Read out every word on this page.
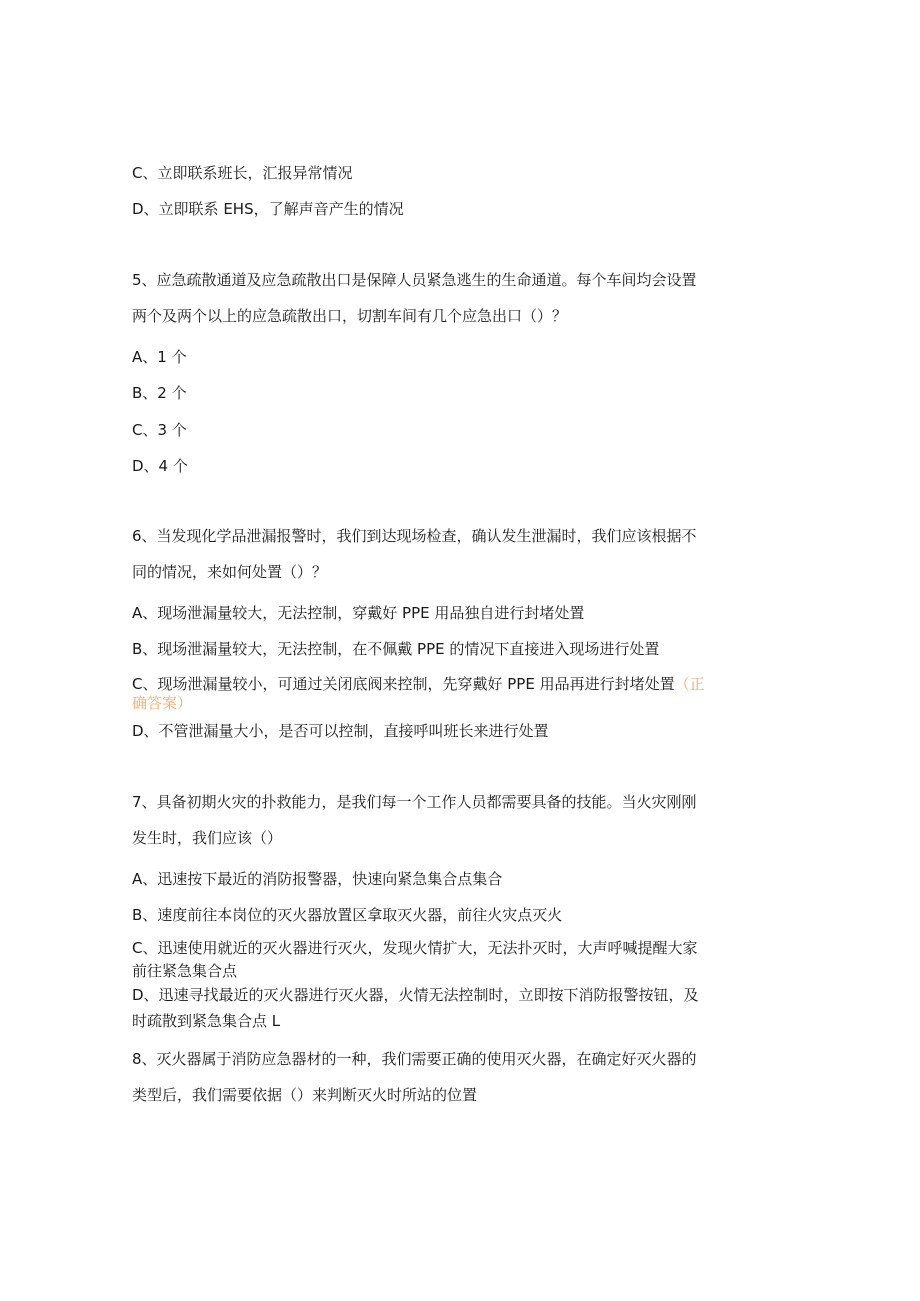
C、立即联系班长，汇报异常情况

D、立即联系 EHS，了解声音产生的情况

5、应急疏散通道及应急疏散出口是保障人员紧急逃生的生命通道。每个车间均会设置

两个及两个以上的应急疏散出口，切割车间有几个应急出口（）？

A、1 个

B、2 个

C、3 个

D、4 个

6、当发现化学品泄漏报警时，我们到达现场检查，确认发生泄漏时，我们应该根据不

同的情况，来如何处置（）？

A、现场泄漏量较大，无法控制，穿戴好 PPE 用品独自进行封堵处置

B、现场泄漏量较大，无法控制，在不佩戴 PPE 的情况下直接进入现场进行处置

C、现场泄漏量较小，可通过关闭底阀来控制，先穿戴好 PPE 用品再进行封堵处置（正

确答案）

D、不管泄漏量大小，是否可以控制，直接呼叫班长来进行处置

7、具备初期火灾的扑救能力，是我们每一个工作人员都需要具备的技能。当火灾刚刚

发生时，我们应该（）

A、迅速按下最近的消防报警器，快速向紧急集合点集合

B、速度前往本岗位的灭火器放置区拿取灭火器，前往火灾点灭火

C、迅速使用就近的灭火器进行灭火，发现火情扩大，无法扑灭时，大声呼喊提醒大家

前往紧急集合点

D、迅速寻找最近的灭火器进行灭火器，火情无法控制时，立即按下消防报警按钮，及

时疏散到紧急集合点 L

8、灭火器属于消防应急器材的一种，我们需要正确的使用灭火器，在确定好灭火器的

类型后，我们需要依据（）来判断灭火时所站的位置
